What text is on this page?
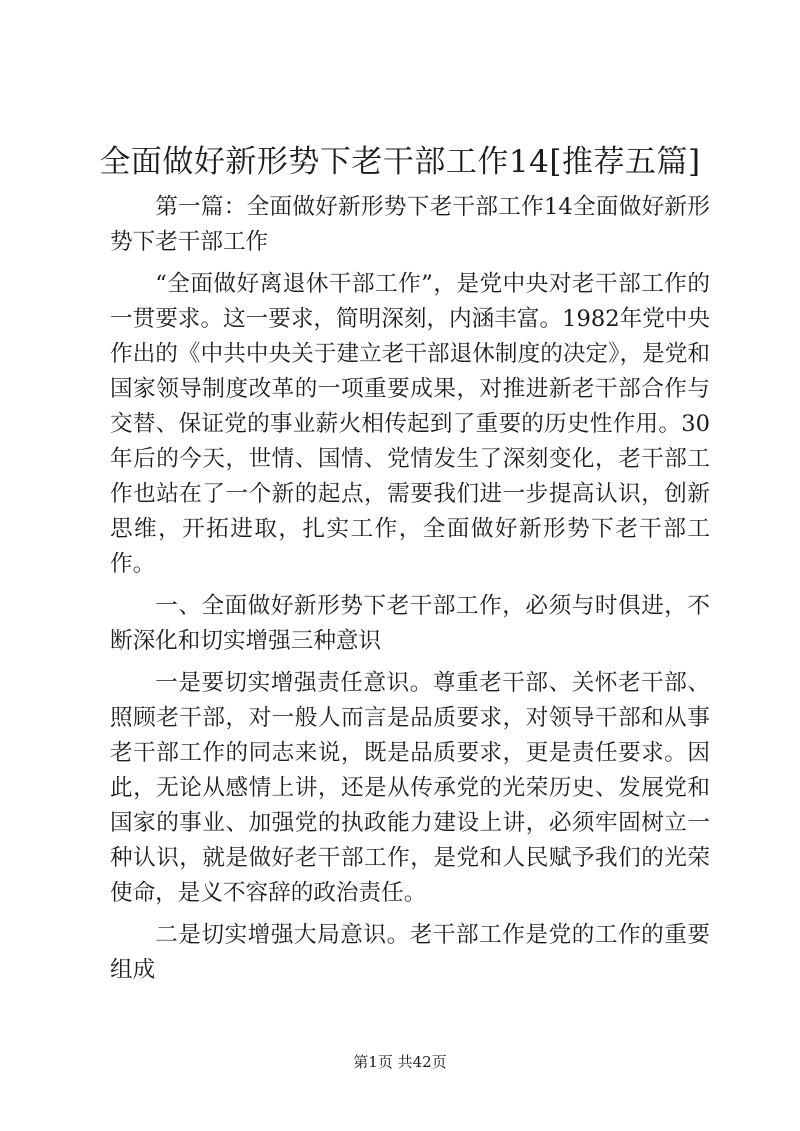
全面做好新形势下老干部工作14[推荐五篇]

第一篇：全面做好新形势下老干部工作14全面做好新形势下老干部工作

“全面做好离退休干部工作”，是党中央对老干部工作的一贯要求。这一要求，简明深刻，内涵丰富。1982年党中央作出的《中共中央关于建立老干部退休制度的决定》，是党和国家领导制度改革的一项重要成果，对推进新老干部合作与交替、保证党的事业薪火相传起到了重要的历史性作用。30年后的今天，世情、国情、党情发生了深刻变化，老干部工作也站在了一个新的起点，需要我们进一步提高认识，创新思维，开拓进取，扎实工作，全面做好新形势下老干部工作。

一、全面做好新形势下老干部工作，必须与时俱进，不断深化和切实增强三种意识

一是要切实增强责任意识。尊重老干部、关怀老干部、照顾老干部，对一般人而言是品质要求，对领导干部和从事老干部工作的同志来说，既是品质要求，更是责任要求。因此，无论从感情上讲，还是从传承党的光荣历史、发展党和国家的事业、加强党的执政能力建设上讲，必须牢固树立一种认识，就是做好老干部工作，是党和人民赋予我们的光荣使命，是义不容辞的政治责任。

二是切实增强大局意识。老干部工作是党的工作的重要组成

第1页 共42页
